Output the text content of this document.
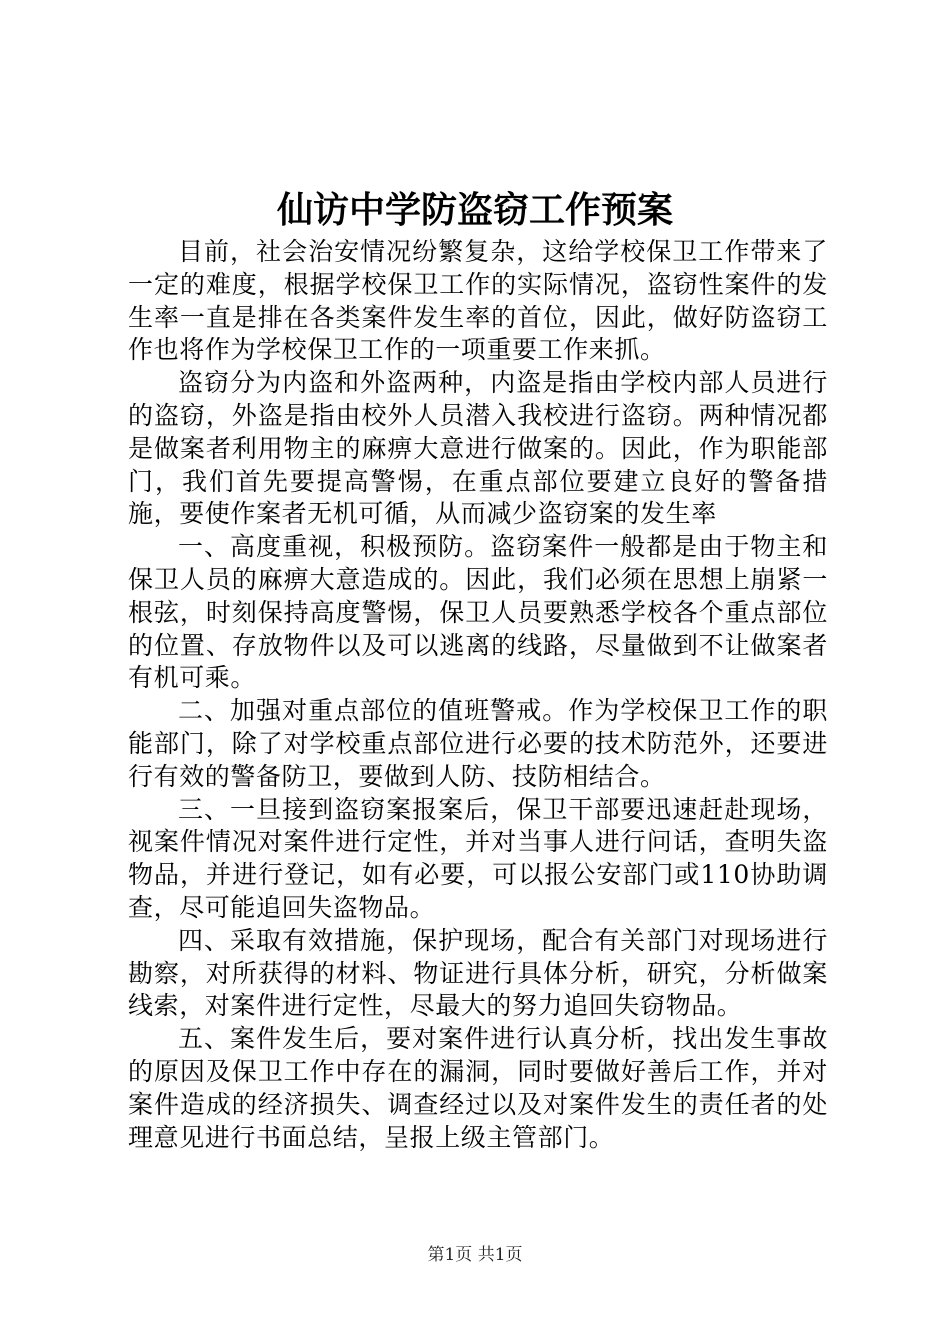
仙访中学防盗窃工作预案

目前，社会治安情况纷繁复杂，这给学校保卫工作带来了一定的难度，根据学校保卫工作的实际情况，盗窃性案件的发生率一直是排在各类案件发生率的首位，因此，做好防盗窃工作也将作为学校保卫工作的一项重要工作来抓。

盗窃分为内盗和外盗两种，内盗是指由学校内部人员进行的盗窃，外盗是指由校外人员潜入我校进行盗窃。两种情况都是做案者利用物主的麻痹大意进行做案的。因此，作为职能部门，我们首先要提高警惕，在重点部位要建立良好的警备措施，要使作案者无机可循，从而减少盗窃案的发生率

一、高度重视，积极预防。盗窃案件一般都是由于物主和保卫人员的麻痹大意造成的。因此，我们必须在思想上崩紧一根弦，时刻保持高度警惕，保卫人员要熟悉学校各个重点部位的位置、存放物件以及可以逃离的线路，尽量做到不让做案者有机可乘。

二、加强对重点部位的值班警戒。作为学校保卫工作的职能部门，除了对学校重点部位进行必要的技术防范外，还要进行有效的警备防卫，要做到人防、技防相结合。

三、一旦接到盗窃案报案后，保卫干部要迅速赶赴现场，视案件情况对案件进行定性，并对当事人进行问话，查明失盗物品，并进行登记，如有必要，可以报公安部门或110协助调查，尽可能追回失盗物品。

四、采取有效措施，保护现场，配合有关部门对现场进行勘察，对所获得的材料、物证进行具体分析，研究，分析做案线索，对案件进行定性，尽最大的努力追回失窃物品。

五、案件发生后，要对案件进行认真分析，找出发生事故的原因及保卫工作中存在的漏洞，同时要做好善后工作，并对案件造成的经济损失、调查经过以及对案件发生的责任者的处理意见进行书面总结，呈报上级主管部门。

第1页 共1页
